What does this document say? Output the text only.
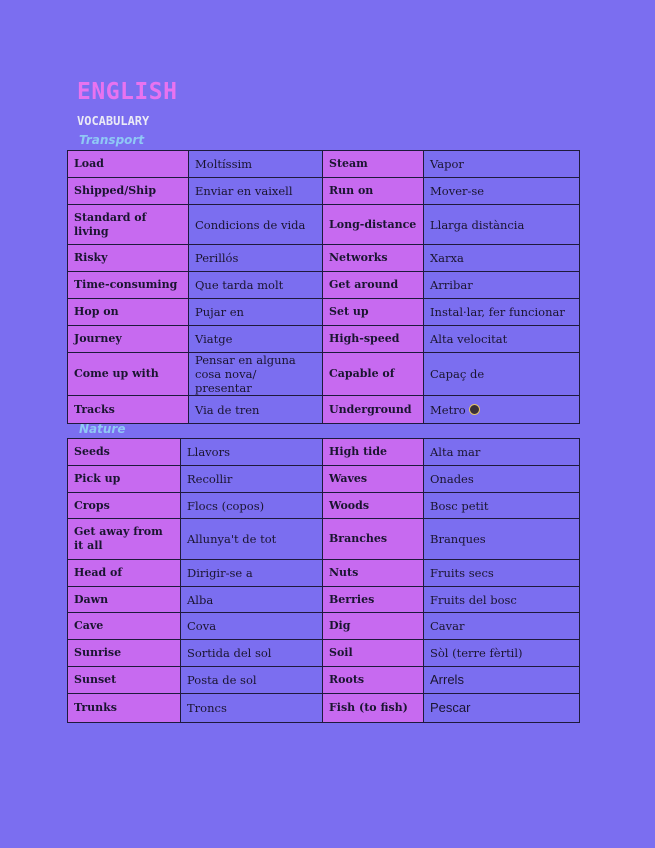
ENGLISH
VOCABULARY
Transport
Load	Moltíssim	Steam	Vapor
Shipped/Ship	Enviar en vaixell	Run on	Mover-se
Standard of living	Condicions de vida	Long-distance	Llarga distància
Risky	Perillós	Networks	Xarxa
Time-consuming	Que tarda molt	Get around	Arribar
Hop on	Pujar en	Set up	Instal·lar, fer funcionar
Journey	Viatge	High-speed	Alta velocitat
Come up with	Pensar en alguna cosa nova/ presentar	Capable of	Capaç de
Tracks	Via de tren	Underground	Metro
Nature
Seeds	Llavors	High tide	Alta mar
Pick up	Recollir	Waves	Onades
Crops	Flocs (copos)	Woods	Bosc petit
Get away from it all	Allunya't de tot	Branches	Branques
Head of	Dirigir-se a	Nuts	Fruits secs
Dawn	Alba	Berries	Fruits del bosc
Cave	Cova	Dig	Cavar
Sunrise	Sortida del sol	Soil	Sòl (terre fèrtil)
Sunset	Posta de sol	Roots	Arrels
Trunks	Troncs	Fish (to fish)	Pescar
